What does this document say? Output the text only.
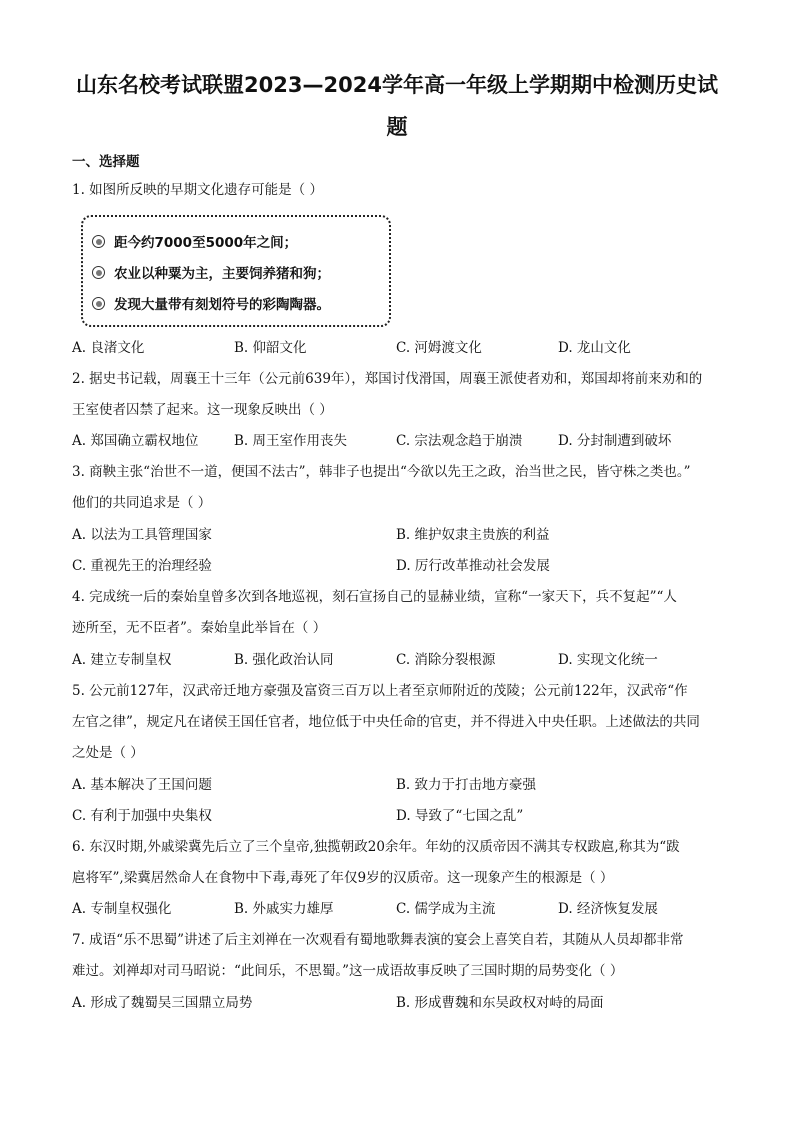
山东名校考试联盟2023—2024学年高一年级上学期期中检测历史试
题
一、选择题
1. 如图所反映的早期文化遗存可能是（ ）
距今约7000至5000年之间；
农业以种粟为主，主要饲养猪和狗；
发现大量带有刻划符号的彩陶陶器。
A. 良渚文化	B. 仰韶文化	C. 河姆渡文化	D. 龙山文化
2. 据史书记载，周襄王十三年（公元前639年），郑国讨伐滑国，周襄王派使者劝和，郑国却将前来劝和的
王室使者囚禁了起来。这一现象反映出（ ）
A. 郑国确立霸权地位	B. 周王室作用丧失	C. 宗法观念趋于崩溃	D. 分封制遭到破坏
3. 商鞅主张“治世不一道，便国不法古”，韩非子也提出“今欲以先王之政，治当世之民，皆守株之类也。”
他们的共同追求是（ ）
A. 以法为工具管理国家	B. 维护奴隶主贵族的利益
C. 重视先王的治理经验	D. 厉行改革推动社会发展
4. 完成统一后的秦始皇曾多次到各地巡视，刻石宣扬自己的显赫业绩，宣称“一家天下，兵不复起”“人
迹所至，无不臣者”。秦始皇此举旨在（ ）
A. 建立专制皇权	B. 强化政治认同	C. 消除分裂根源	D. 实现文化统一
5. 公元前127年，汉武帝迁地方豪强及富资三百万以上者至京师附近的茂陵；公元前122年，汉武帝“作
左官之律”，规定凡在诸侯王国任官者，地位低于中央任命的官吏，并不得进入中央任职。上述做法的共同
之处是（ ）
A. 基本解决了王国问题	B. 致力于打击地方豪强
C. 有利于加强中央集权	D. 导致了“七国之乱”
6. 东汉时期,外戚梁冀先后立了三个皇帝,独揽朝政20余年。年幼的汉质帝因不满其专权跋扈,称其为“跋
扈将军”,梁冀居然命人在食物中下毒,毒死了年仅9岁的汉质帝。这一现象产生的根源是（ ）
A. 专制皇权强化	B. 外戚实力雄厚	C. 儒学成为主流	D. 经济恢复发展
7. 成语“乐不思蜀”讲述了后主刘禅在一次观看有蜀地歌舞表演的宴会上喜笑自若，其随从人员却都非常
难过。刘禅却对司马昭说：“此间乐，不思蜀。”这一成语故事反映了三国时期的局势变化（ ）
A. 形成了魏蜀吴三国鼎立局势	B. 形成曹魏和东吴政权对峙的局面
